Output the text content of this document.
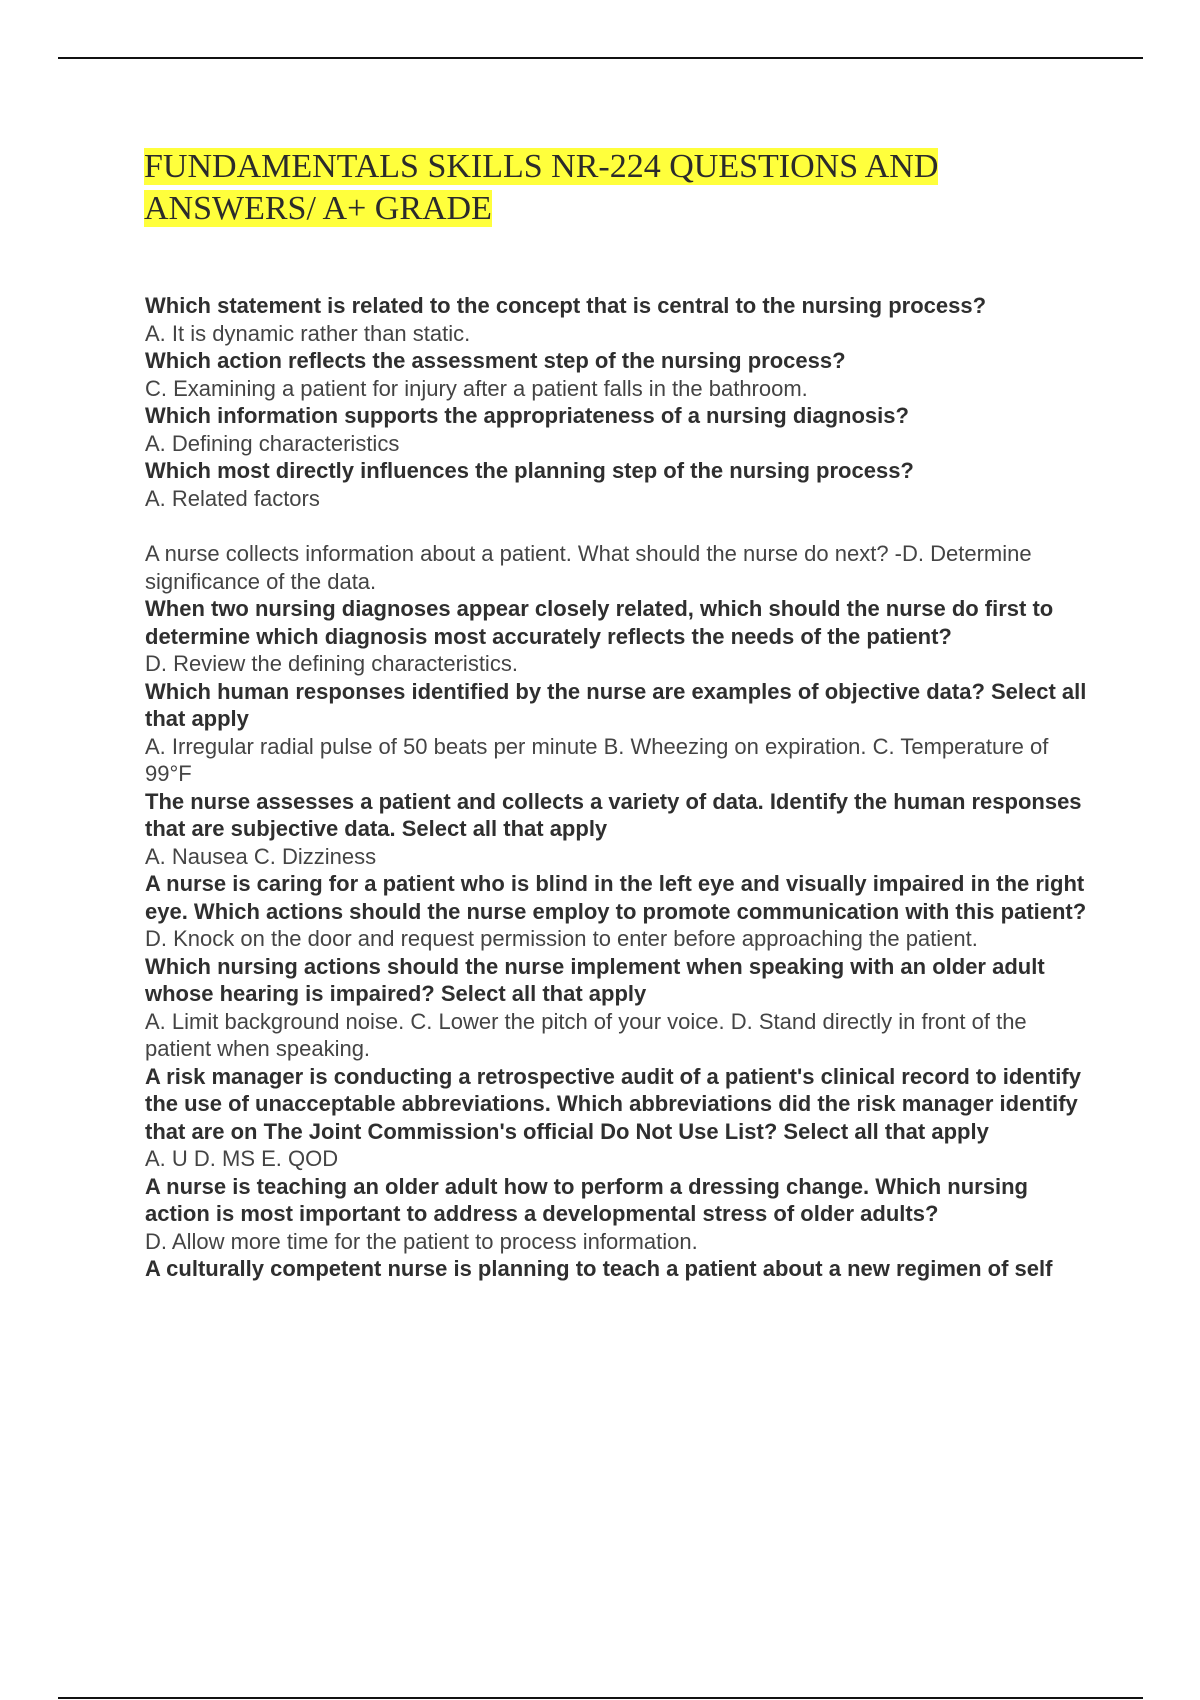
FUNDAMENTALS SKILLS NR-224 QUESTIONS AND ANSWERS/ A+ GRADE

Which statement is related to the concept that is central to the nursing process?

A. It is dynamic rather than static.

Which action reflects the assessment step of the nursing process?

C. Examining a patient for injury after a patient falls in the bathroom.

Which information supports the appropriateness of a nursing diagnosis?

A. Defining characteristics

Which most directly influences the planning step of the nursing process?

A. Related factors

A nurse collects information about a patient. What should the nurse do next? -D. Determine significance of the data.

When two nursing diagnoses appear closely related, which should the nurse do first to determine which diagnosis most accurately reflects the needs of the patient?

D. Review the defining characteristics.

Which human responses identified by the nurse are examples of objective data? Select all that apply

A. Irregular radial pulse of 50 beats per minute B. Wheezing on expiration. C. Temperature of 99°F

The nurse assesses a patient and collects a variety of data. Identify the human responses that are subjective data. Select all that apply

A. Nausea C. Dizziness

A nurse is caring for a patient who is blind in the left eye and visually impaired in the right eye. Which actions should the nurse employ to promote communication with this patient?

D. Knock on the door and request permission to enter before approaching the patient.

Which nursing actions should the nurse implement when speaking with an older adult whose hearing is impaired? Select all that apply

A. Limit background noise. C. Lower the pitch of your voice. D. Stand directly in front of the patient when speaking.

A risk manager is conducting a retrospective audit of a patient's clinical record to identify the use of unacceptable abbreviations. Which abbreviations did the risk manager identify that are on The Joint Commission's official Do Not Use List? Select all that apply

A. U D. MS E. QOD

A nurse is teaching an older adult how to perform a dressing change. Which nursing action is most important to address a developmental stress of older adults?

D. Allow more time for the patient to process information.

A culturally competent nurse is planning to teach a patient about a new regimen of self
